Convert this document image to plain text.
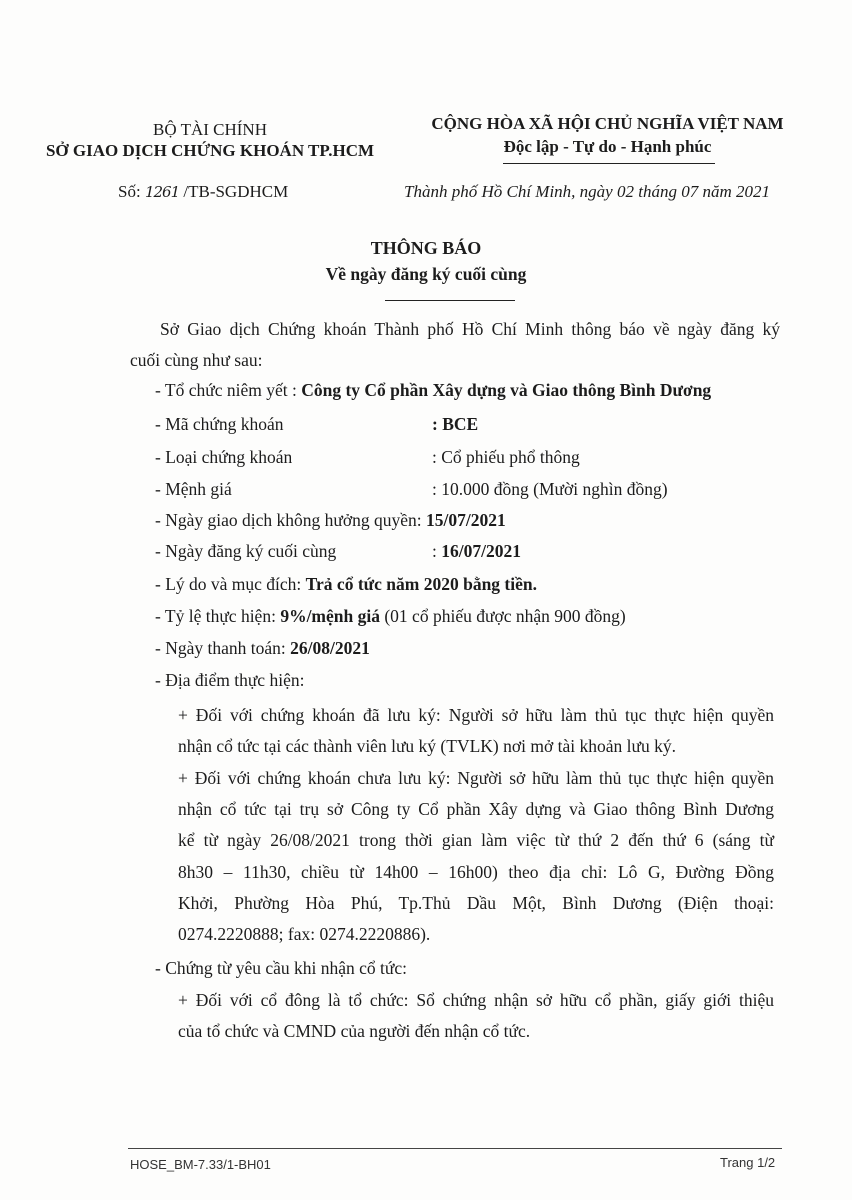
BỘ TÀI CHÍNH
SỞ GIAO DỊCH CHỨNG KHOÁN TP.HCM
Số: 1261 /TB-SGDHCM
CỘNG HÒA XÃ HỘI CHỦ NGHĨA VIỆT NAM
Độc lập - Tự do - Hạnh phúc
Thành phố Hồ Chí Minh, ngày 02 tháng 07 năm 2021
THÔNG BÁO
Về ngày đăng ký cuối cùng
Sở Giao dịch Chứng khoán Thành phố Hồ Chí Minh thông báo về ngày đăng ký
cuối cùng như sau:
- Tổ chức niêm yết : Công ty Cổ phần Xây dựng và Giao thông Bình Dương
- Mã chứng khoán	: BCE
- Loại chứng khoán	: Cổ phiếu phổ thông
- Mệnh giá	: 10.000 đồng (Mười nghìn đồng)
- Ngày giao dịch không hưởng quyền: 15/07/2021
- Ngày đăng ký cuối cùng	: 16/07/2021
- Lý do và mục đích: Trả cổ tức năm 2020 bằng tiền.
- Tỷ lệ thực hiện: 9%/mệnh giá (01 cổ phiếu được nhận 900 đồng)
- Ngày thanh toán: 26/08/2021
- Địa điểm thực hiện:
+ Đối với chứng khoán đã lưu ký: Người sở hữu làm thủ tục thực hiện quyền
nhận cổ tức tại các thành viên lưu ký (TVLK) nơi mở tài khoản lưu ký.
+ Đối với chứng khoán chưa lưu ký: Người sở hữu làm thủ tục thực hiện quyền
nhận cổ tức tại trụ sở Công ty Cổ phần Xây dựng và Giao thông Bình Dương
kể từ ngày 26/08/2021 trong thời gian làm việc từ thứ 2 đến thứ 6 (sáng từ
8h30 – 11h30, chiều từ 14h00 – 16h00) theo địa chỉ: Lô G, Đường Đồng
Khởi, Phường Hòa Phú, Tp.Thủ Dầu Một, Bình Dương (Điện thoại:
0274.2220888; fax: 0274.2220886).
- Chứng từ yêu cầu khi nhận cổ tức:
+ Đối với cổ đông là tổ chức: Sổ chứng nhận sở hữu cổ phần, giấy giới thiệu
của tổ chức và CMND của người đến nhận cổ tức.
HOSE_BM-7.33/1-BH01	Trang 1/2
